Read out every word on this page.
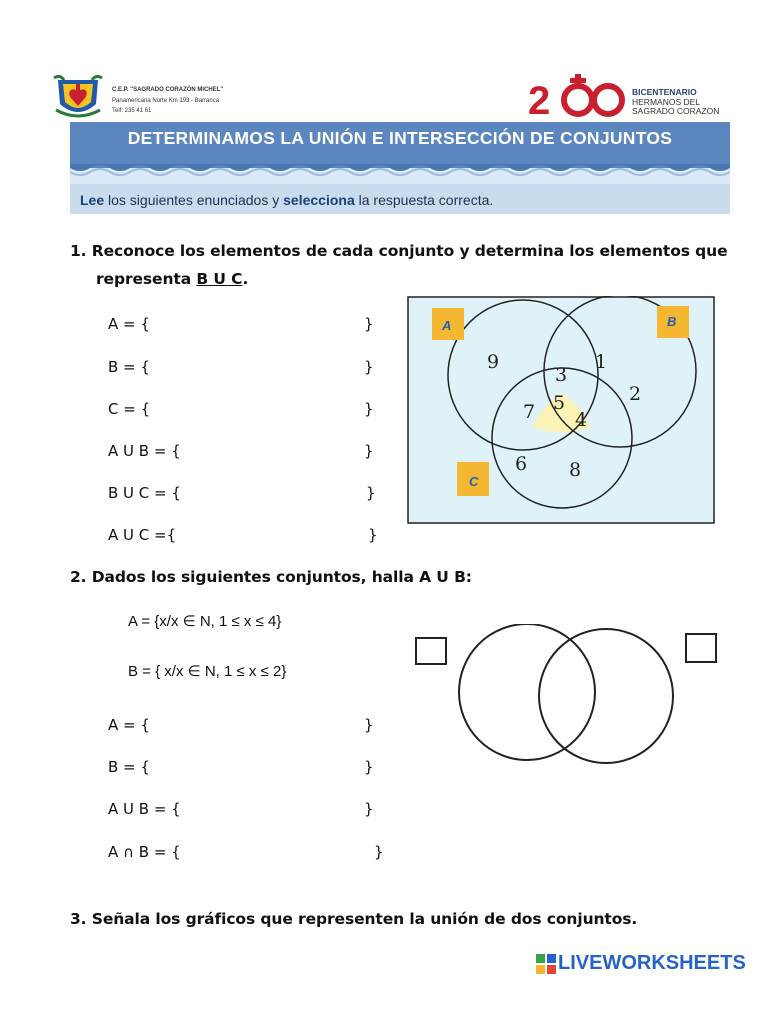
C.E.P. "SAGRADO CORAZÓN MICHEL"
Panamericana Norte Km 193 - Barranca
Telf: 235 41 61	2	BICENTENARIO
HERMANOS DEL
SAGRADO CORAZON
DETERMINAMOS LA UNIÓN E INTERSECCIÓN DE CONJUNTOS
Lee los siguientes enunciados y selecciona la respuesta correcta.
1. Reconoce los elementos de cada conjunto y determina los elementos que
representa B U C.
A = {	}
B = {	}
C = {	}
A U B = {	}
B U C = {	}
A U C ={	}
A	B
C
9
3
1
2
7 5
4
6 8
2. Dados los siguientes conjuntos, halla A U B:
A = {x/x ∈ N, 1 ≤ x ≤ 4}
B = { x/x ∈ N, 1 ≤ x ≤ 2}
A = {	}
B = {	}
A U B = {	}
A ∩ B = {	}
3. Señala los gráficos que representen la unión de dos conjuntos.
LIVEWORKSHEETS
